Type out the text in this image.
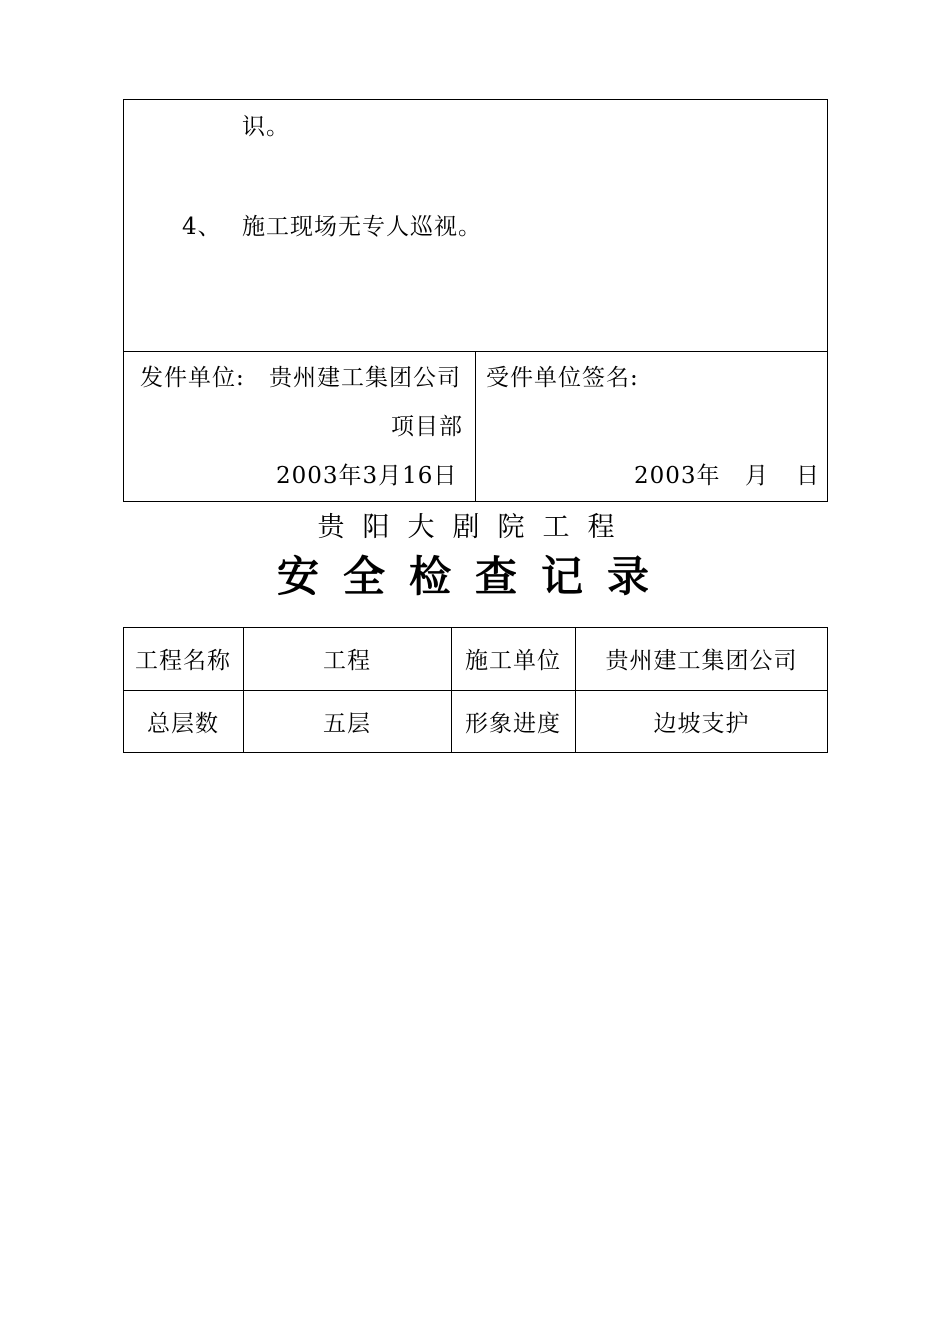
识。
4、 施工现场无专人巡视。
发件单位: 贵州建工集团公司
项目部
2003年3月16日
受件单位签名:
2003年 月 日
贵阳大剧院工程
安全检查记录
工程名称	工程	施工单位	贵州建工集团公司
总层数	五层	形象进度	边坡支护
